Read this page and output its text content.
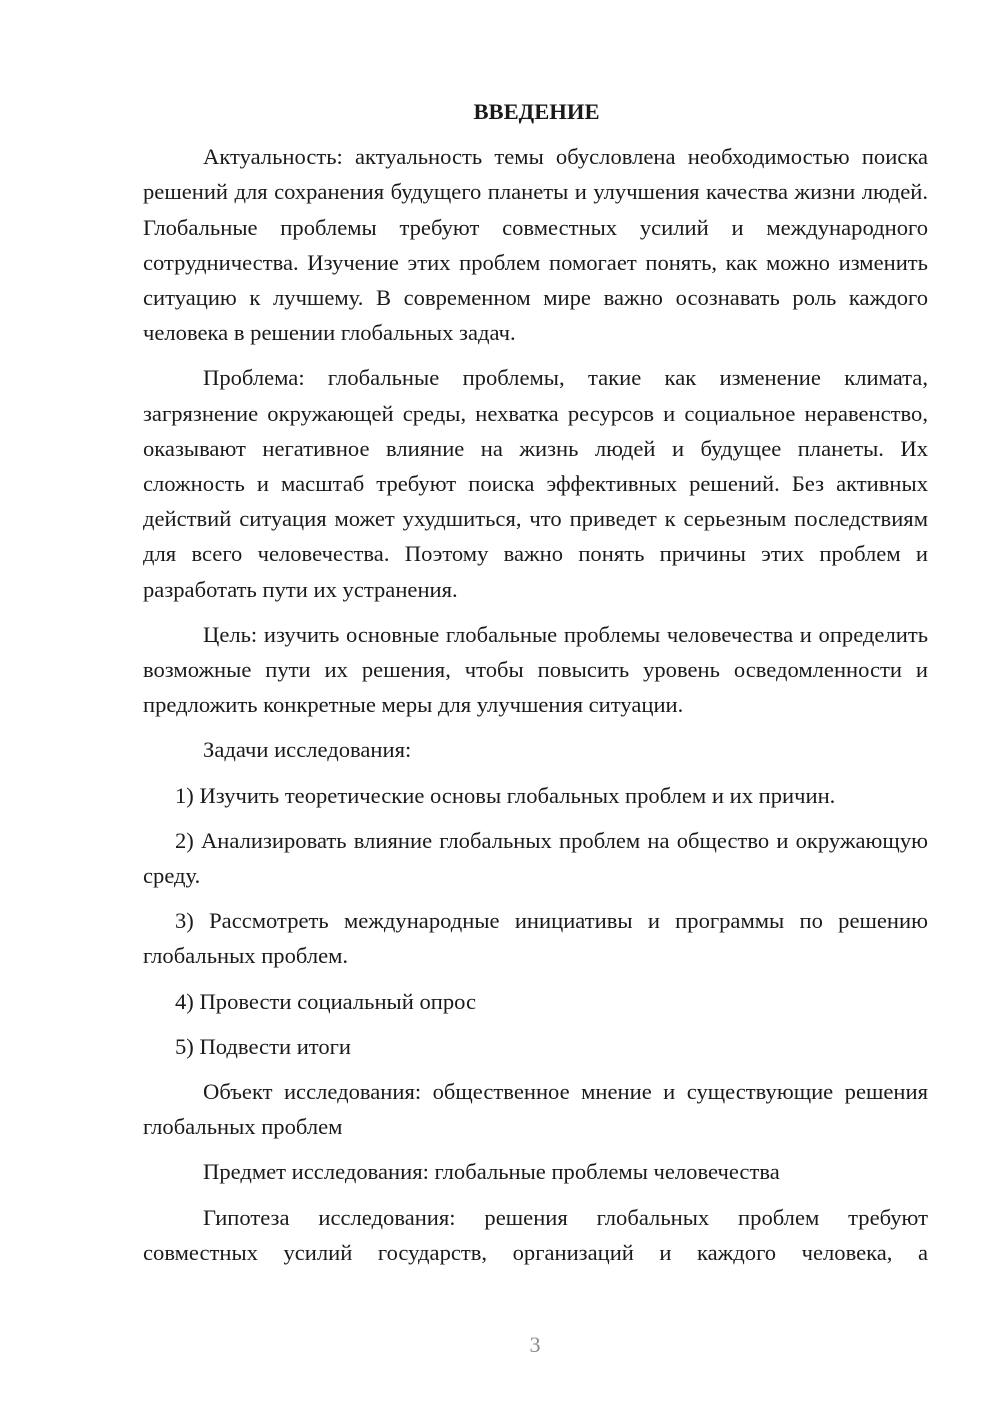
ВВЕДЕНИЕ

Актуальность: актуальность темы обусловлена необходимостью поиска решений для сохранения будущего планеты и улучшения качества жизни людей. Глобальные проблемы требуют совместных усилий и международного сотрудничества. Изучение этих проблем помогает понять, как можно изменить ситуацию к лучшему. В современном мире важно осознавать роль каждого человека в решении глобальных задач.

Проблема: глобальные проблемы, такие как изменение климата, загрязнение окружающей среды, нехватка ресурсов и социальное неравенство, оказывают негативное влияние на жизнь людей и будущее планеты. Их сложность и масштаб требуют поиска эффективных решений. Без активных действий ситуация может ухудшиться, что приведет к серьезным последствиям для всего человечества. Поэтому важно понять причины этих проблем и разработать пути их устранения.

Цель: изучить основные глобальные проблемы человечества и определить возможные пути их решения, чтобы повысить уровень осведомленности и предложить конкретные меры для улучшения ситуации.

Задачи исследования:

1) Изучить теоретические основы глобальных проблем и их причин.

2) Анализировать влияние глобальных проблем на общество и окружающую среду.

3) Рассмотреть международные инициативы и программы по решению глобальных проблем.

4) Провести социальный опрос

5) Подвести итоги

Объект исследования: общественное мнение и существующие решения глобальных проблем

Предмет исследования: глобальные проблемы человечества

Гипотеза исследования: решения глобальных проблем требуют совместных усилий государств, организаций и каждого человека, а

3
